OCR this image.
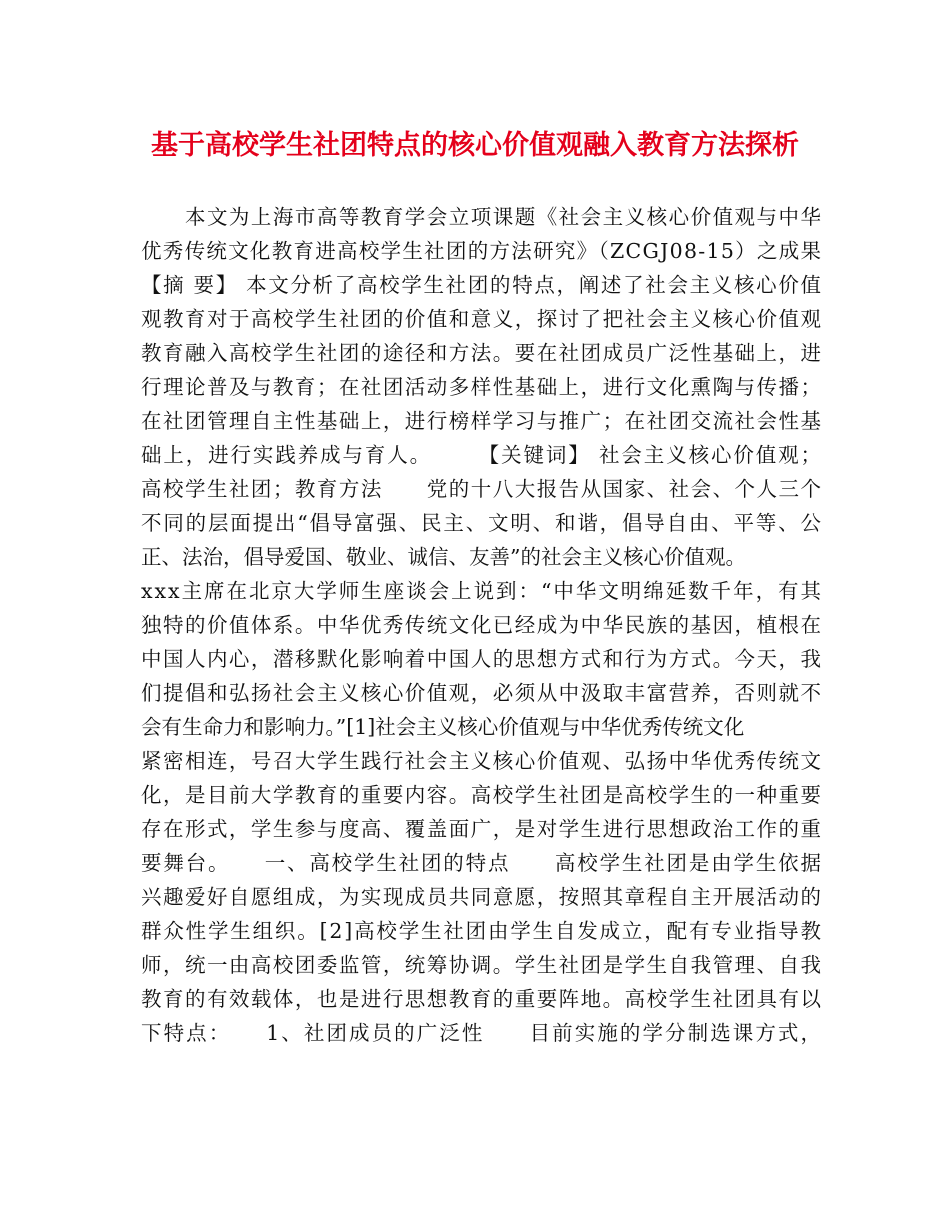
基于高校学生社团特点的核心价值观融入教育方法探析
　　本文为上海市高等教育学会立项课题《社会主义核心价值观与中华
优秀传统文化教育进高校学生社团的方法研究》（ZCGJ08-15）之成果
【摘 要】 本文分析了高校学生社团的特点，阐述了社会主义核心价值
观教育对于高校学生社团的价值和意义，探讨了把社会主义核心价值观
教育融入高校学生社团的途径和方法。要在社团成员广泛性基础上，进
行理论普及与教育；在社团活动多样性基础上，进行文化熏陶与传播；
在社团管理自主性基础上，进行榜样学习与推广；在社团交流社会性基
础上，进行实践养成与育人。　　　【关键词】 社会主义核心价值观；
高校学生社团；教育方法　　党的十八大报告从国家、社会、个人三个
不同的层面提出“倡导富强、民主、文明、和谐，倡导自由、平等、公
正、法治，倡导爱国、敬业、诚信、友善”的社会主义核心价值观。
xxx主席在北京大学师生座谈会上说到：“中华文明绵延数千年，有其
独特的价值体系。中华优秀传统文化已经成为中华民族的基因，植根在
中国人内心，潜移默化影响着中国人的思想方式和行为方式。今天，我
们提倡和弘扬社会主义核心价值观，必须从中汲取丰富营养，否则就不
会有生命力和影响力。”[1]社会主义核心价值观与中华优秀传统文化
紧密相连，号召大学生践行社会主义核心价值观、弘扬中华优秀传统文
化，是目前大学教育的重要内容。高校学生社团是高校学生的一种重要
存在形式，学生参与度高、覆盖面广，是对学生进行思想政治工作的重
要舞台。　　一、高校学生社团的特点　　高校学生社团是由学生依据
兴趣爱好自愿组成，为实现成员共同意愿，按照其章程自主开展活动的
群众性学生组织。[2]高校学生社团由学生自发成立，配有专业指导教
师，统一由高校团委监管，统筹协调。学生社团是学生自我管理、自我
教育的有效载体，也是进行思想教育的重要阵地。高校学生社团具有以
下特点：　　1、社团成员的广泛性　　目前实施的学分制选课方式，
